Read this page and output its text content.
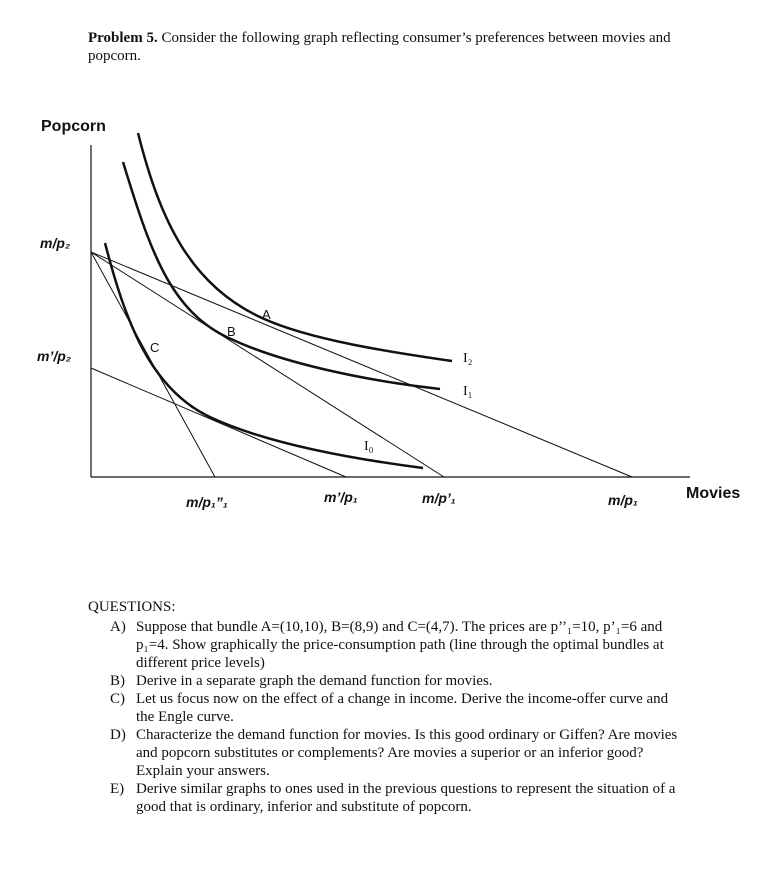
Problem 5. Consider the following graph reflecting consumer’s preferences between movies and popcorn.
Popcorn
Movies
m/p₂
m’/p₂
m/p₁”₁	m’/p₁	m/p’₁	m/p₁
A
B
C
I₂
I₁
I₀

QUESTIONS:

A) Suppose that bundle A=(10,10), B=(8,9) and C=(4,7). The prices are p’’₁=10, p’₁=6 and p₁=4. Show graphically the price-consumption path (line through the optimal bundles at different price levels)

B) Derive in a separate graph the demand function for movies.

C) Let us focus now on the effect of a change in income. Derive the income-offer curve and the Engle curve.

D) Characterize the demand function for movies. Is this good ordinary or Giffen? Are movies and popcorn substitutes or complements? Are movies a superior or an inferior good? Explain your answers.

E) Derive similar graphs to ones used in the previous questions to represent the situation of a good that is ordinary, inferior and substitute of popcorn.
